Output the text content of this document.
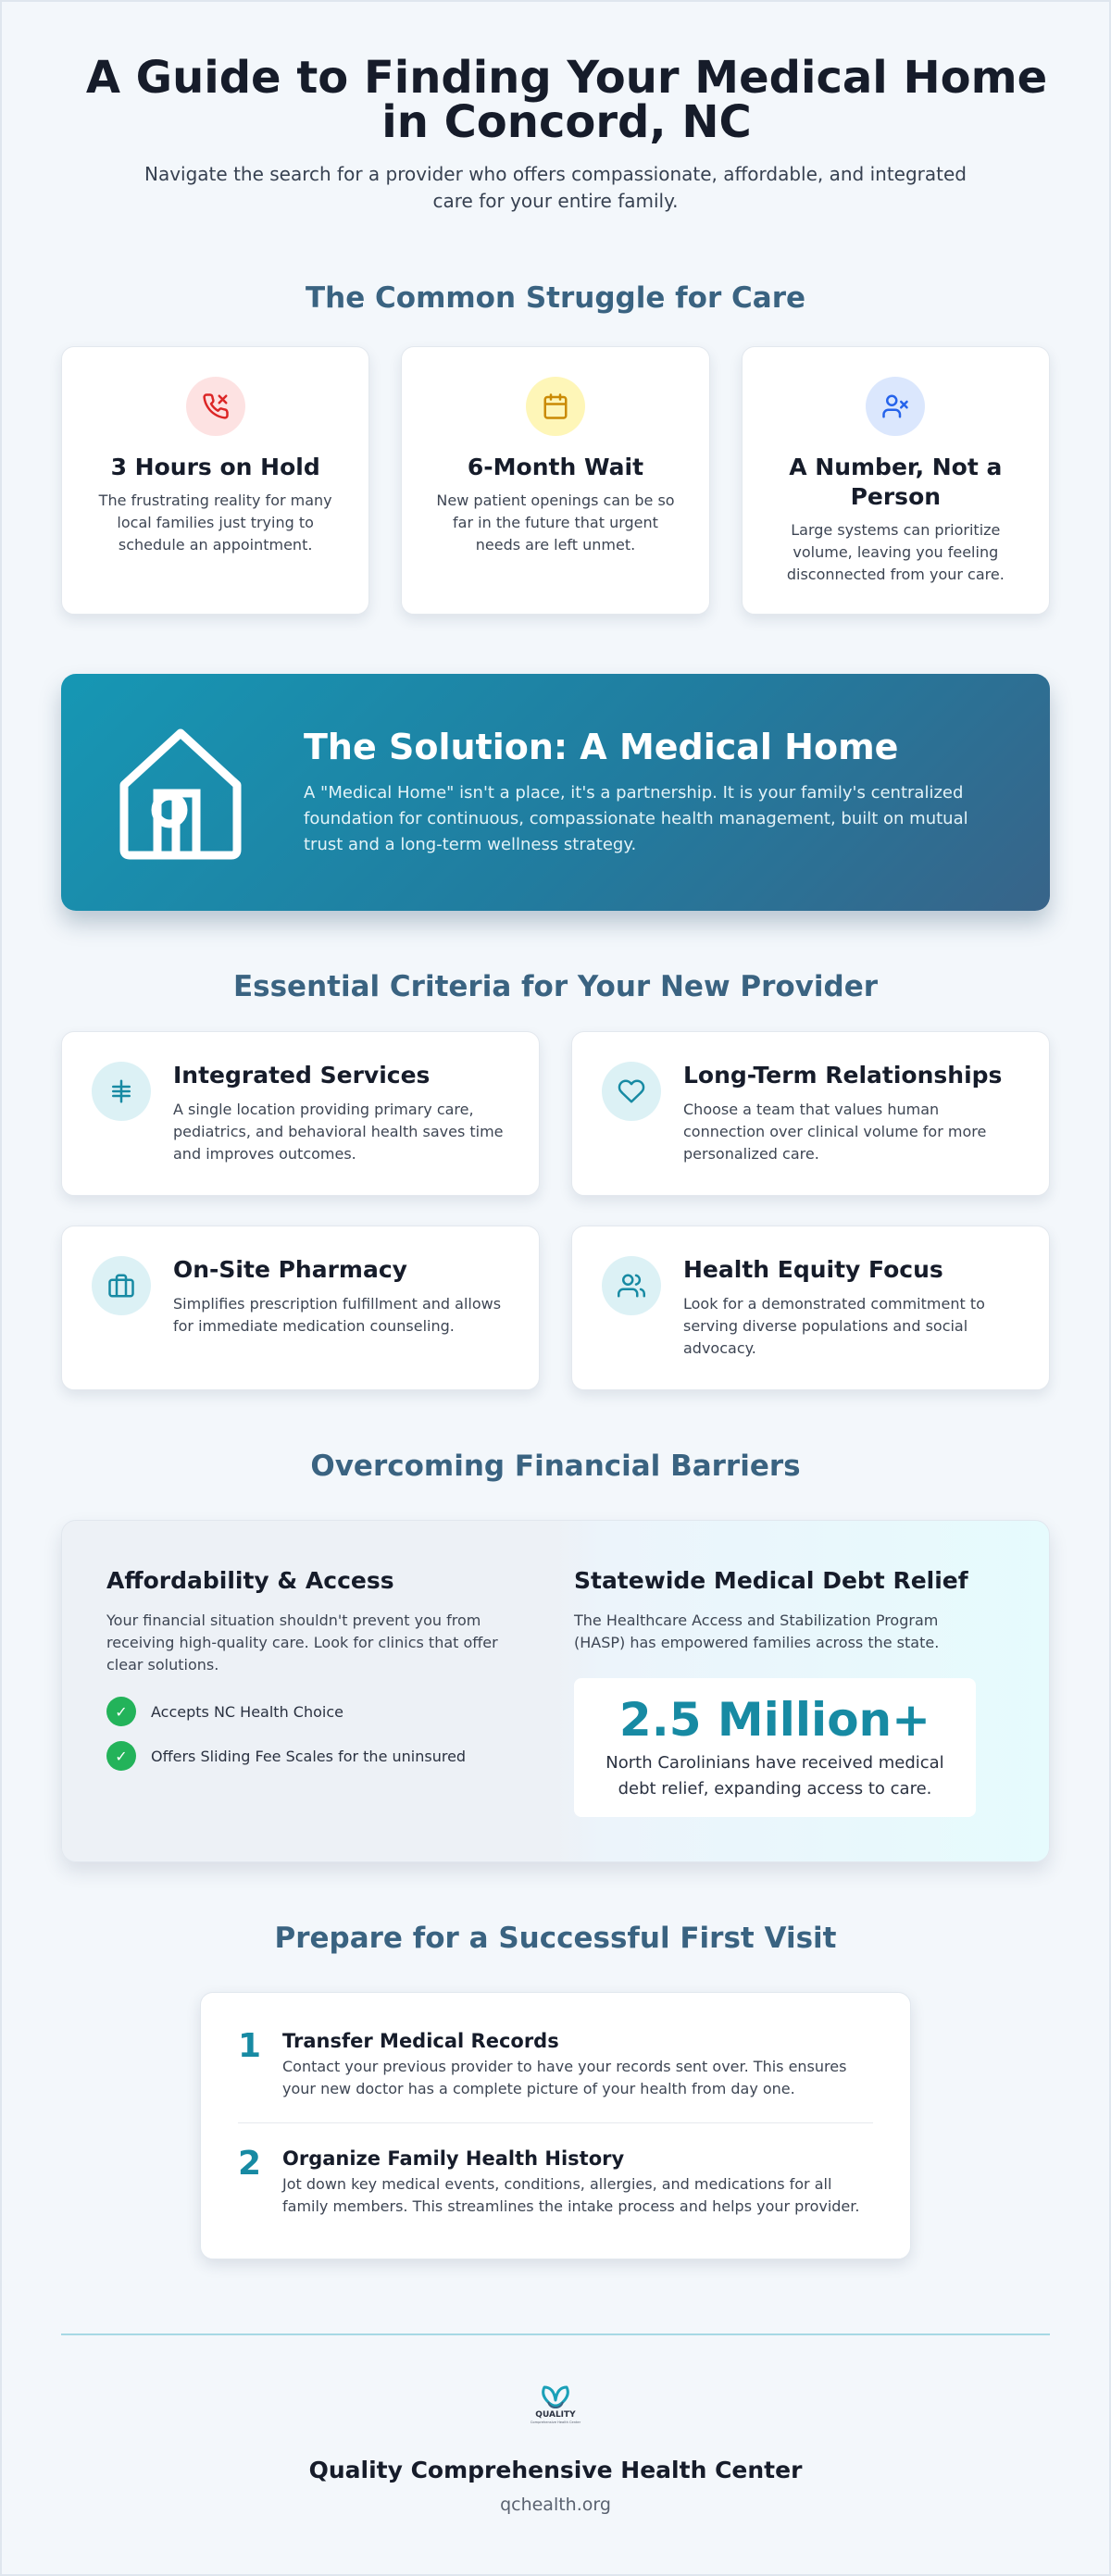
A Guide to Finding Your Medical Home in Concord, NC

Navigate the search for a provider who offers compassionate, affordable, and integrated care for your entire family.

The Common Struggle for Care
3 Hours on Hold

The frustrating reality for many local families just trying to schedule an appointment.

6-Month Wait

New patient openings can be so far in the future that urgent needs are left unmet.

A Number, Not a Person

Large systems can prioritize volume, leaving you feeling disconnected from your care.

The Solution: A Medical Home

A "Medical Home" isn't a place, it's a partnership. It is your family's centralized foundation for continuous, compassionate health management, built on mutual trust and a long-term wellness strategy.

Essential Criteria for Your New Provider
Integrated Services

A single location providing primary care, pediatrics, and behavioral health saves time and improves outcomes.

Long-Term Relationships

Choose a team that values human connection over clinical volume for more personalized care.

On-Site Pharmacy

Simplifies prescription fulfillment and allows for immediate medication counseling.

Health Equity Focus

Look for a demonstrated commitment to serving diverse populations and social advocacy.

Overcoming Financial Barriers
Affordability & Access

Your financial situation shouldn't prevent you from receiving high-quality care. Look for clinics that offer clear solutions.

✓	Accepts NC Health Choice
✓	Offers Sliding Fee Scales for the uninsured
Statewide Medical Debt Relief

The Healthcare Access and Stabilization Program (HASP) has empowered families across the state.

2.5 Million+
North Carolinians have received medical debt relief, expanding access to care.
Prepare for a Successful First Visit
1	Transfer Medical Records

Contact your previous provider to have your records sent over. This ensures your new doctor has a complete picture of your health from day one.

2	Organize Family Health History

Jot down key medical events, conditions, allergies, and medications for all family members. This streamlines the intake process and helps your provider.

QUALITY
Comprehensive Health Center
Quality Comprehensive Health Center
qchealth.org
